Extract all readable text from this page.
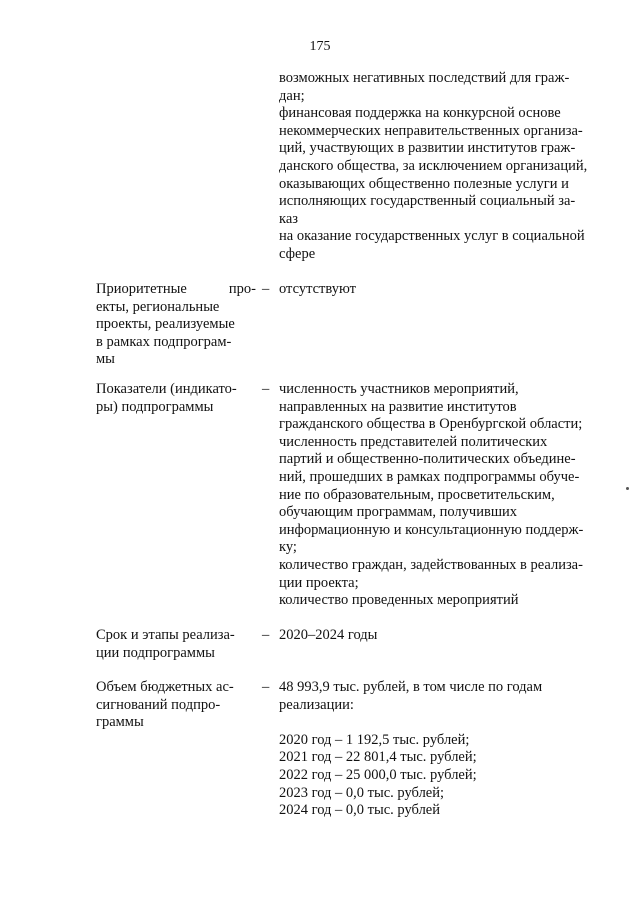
175
возможных негативных последствий для граж-
дан;
финансовая поддержка на конкурсной основе
некоммерческих неправительственных организа-
ций, участвующих в развитии институтов граж-
данского общества, за исключением организаций,
оказывающих общественно полезные услуги и
исполняющих государственный социальный за-
каз
на оказание государственных услуг в социальной
сфере
Приоритетные про-
екты, региональные
проекты, реализуемые
в рамках подпрограм-
мы
– отсутствуют
Показатели (индикато-
ры) подпрограммы
– численность участников мероприятий,
направленных на развитие институтов
гражданского общества в Оренбургской области;
численность представителей политических
партий и общественно-политических объедине-
ний, прошедших в рамках подпрограммы обуче-
ние по образовательным, просветительским,
обучающим программам, получивших
информационную и консультационную поддерж-
ку;
количество граждан, задействованных в реализа-
ции проекта;
количество проведенных мероприятий
Срок и этапы реализа-
ции подпрограммы
– 2020–2024 годы
Объем бюджетных ас-
сигнований подпро-
граммы
– 48 993,9 тыс. рублей, в том числе по годам
реализации:
2020 год – 1 192,5 тыс. рублей;
2021 год – 22 801,4 тыс. рублей;
2022 год – 25 000,0 тыс. рублей;
2023 год – 0,0 тыс. рублей;
2024 год – 0,0 тыс. рублей
